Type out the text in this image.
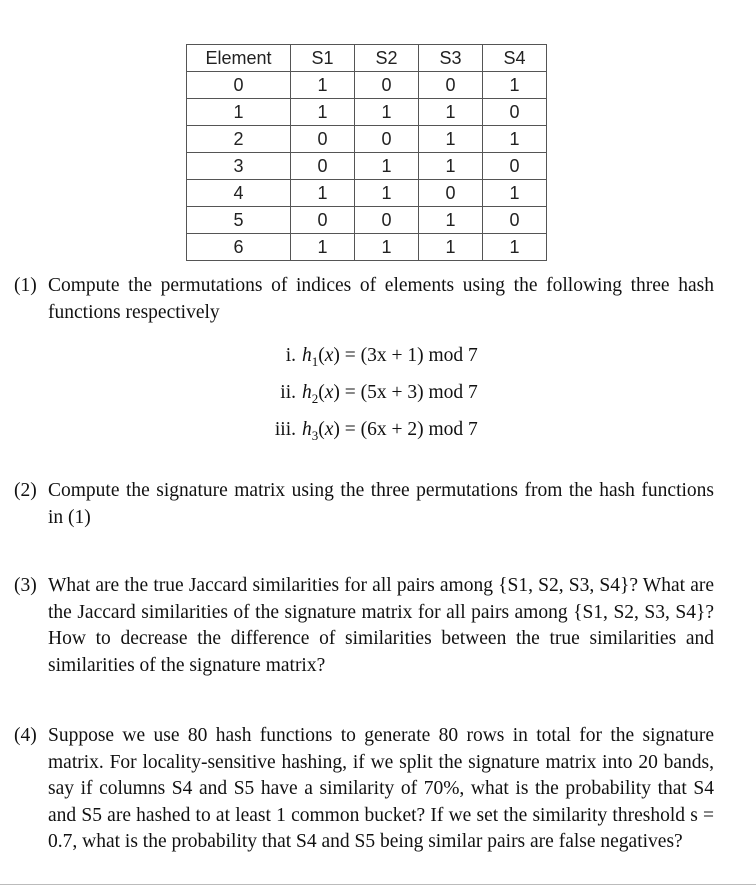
Element	S1	S2	S3	S4
0	1	0	0	1
1	1	1	1	0
2	0	0	1	1
3	0	1	1	0
4	1	1	0	1
5	0	0	1	0
6	1	1	1	1
(1) Compute the permutations of indices of elements using the following three hash functions respectively
i. $h_1(x) = (3x + 1)$ mod 7
ii. $h_2(x) = (5x + 3)$ mod 7
iii. $h_3(x) = (6x + 2)$ mod 7
(2) Compute the signature matrix using the three permutations from the hash functions in (1)
(3) What are the true Jaccard similarities for all pairs among {S1, S2, S3, S4}? What are the Jaccard similarities of the signature matrix for all pairs among {S1, S2, S3, S4}? How to decrease the difference of similarities between the true similarities and similarities of the signature matrix?
(4) Suppose we use 80 hash functions to generate 80 rows in total for the signature matrix. For locality-sensitive hashing, if we split the signature matrix into 20 bands, say if columns S4 and S5 have a similarity of 70%, what is the probability that S4 and S5 are hashed to at least 1 common bucket? If we set the similarity threshold s = 0.7, what is the probability that S4 and S5 being similar pairs are false negatives?
